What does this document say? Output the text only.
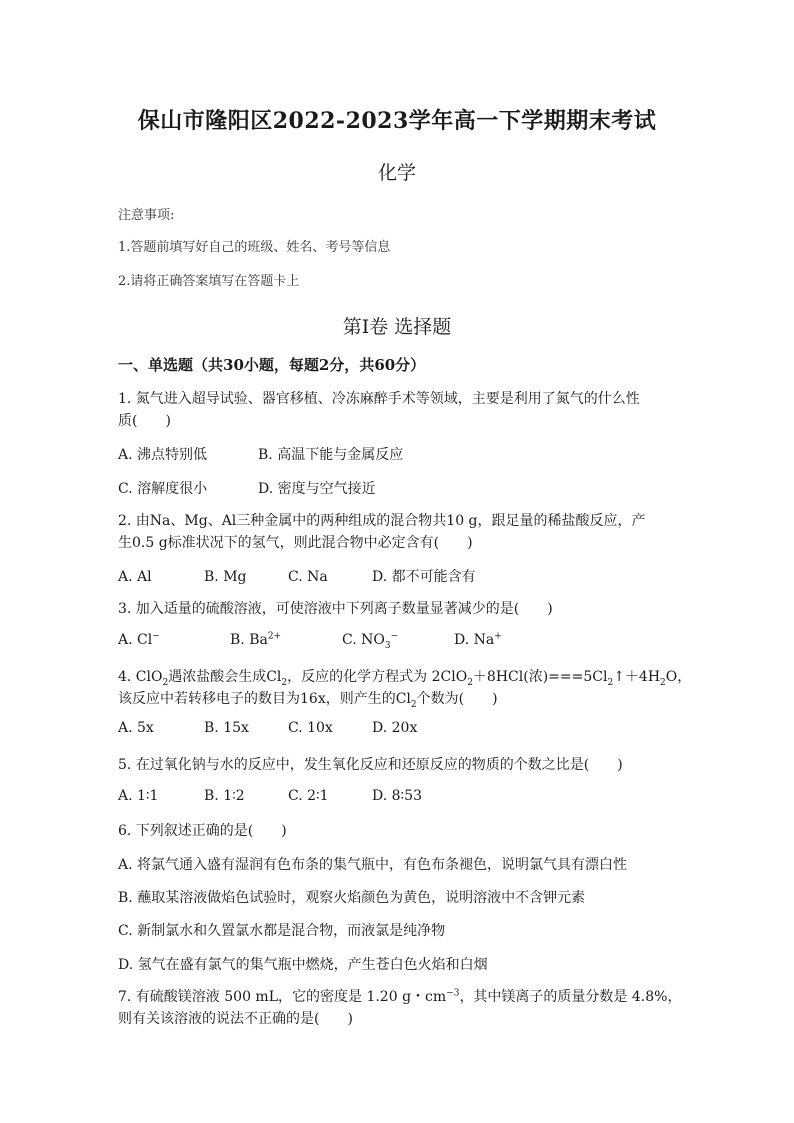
保山市隆阳区2022-2023学年高一下学期期末考试
化学
注意事项:
1.答题前填写好自己的班级、姓名、考号等信息
2.请将正确答案填写在答题卡上
第Ⅰ卷 选择题
一、单选题（共30小题，每题2分，共60分）
1. 氮气进入超导试验、器官移植、冷冻麻醉手术等领域，主要是利用了氮气的什么性
质(　　)
A. 沸点特别低	B. 高温下能与金属反应
C. 溶解度很小	D. 密度与空气接近
2. 由Na、Mg、Al三种金属中的两种组成的混合物共10 g，跟足量的稀盐酸反应，产
生0.5 g标准状况下的氢气，则此混合物中必定含有(　　)
A. Al	B. Mg	C. Na	D. 都不可能含有
3. 加入适量的硫酸溶液，可使溶液中下列离子数量显著减少的是(　　)
A. Cl−	B. $Ba^{2+}$	C. $NO_3^-$	D. Na+
4. ClO$_2$遇浓盐酸会生成$Cl_2$，反应的化学方程式为 2ClO$_2$＋8HCl(浓)$===5Cl_2↑+4H_2O$，
该反应中若转移电子的数目为16x，则产生的$Cl_2$个数为(　　)
A. 5x	B. 15x	C. 10x	D. 20x
5. 在过氧化钠与水的反应中，发生氧化反应和还原反应的物质的个数之比是(　　)
A. 1∶1	B. 1∶2	C. 2∶1	D. 8∶53
6. 下列叙述正确的是(　　)
A. 将氯气通入盛有湿润有色布条的集气瓶中，有色布条褪色，说明氯气具有漂白性
B. 蘸取某溶液做焰色试验时，观察火焰颜色为黄色，说明溶液中不含钾元素
C. 新制氯水和久置氯水都是混合物，而液氯是纯净物
D. 氢气在盛有氯气的集气瓶中燃烧，产生苍白色火焰和白烟
7. 有硫酸镁溶液 500 mL，它的密度是 1.20 g・$cm^{-3}$，其中镁离子的质量分数是 4.8%，
则有关该溶液的说法不正确的是(　　)
